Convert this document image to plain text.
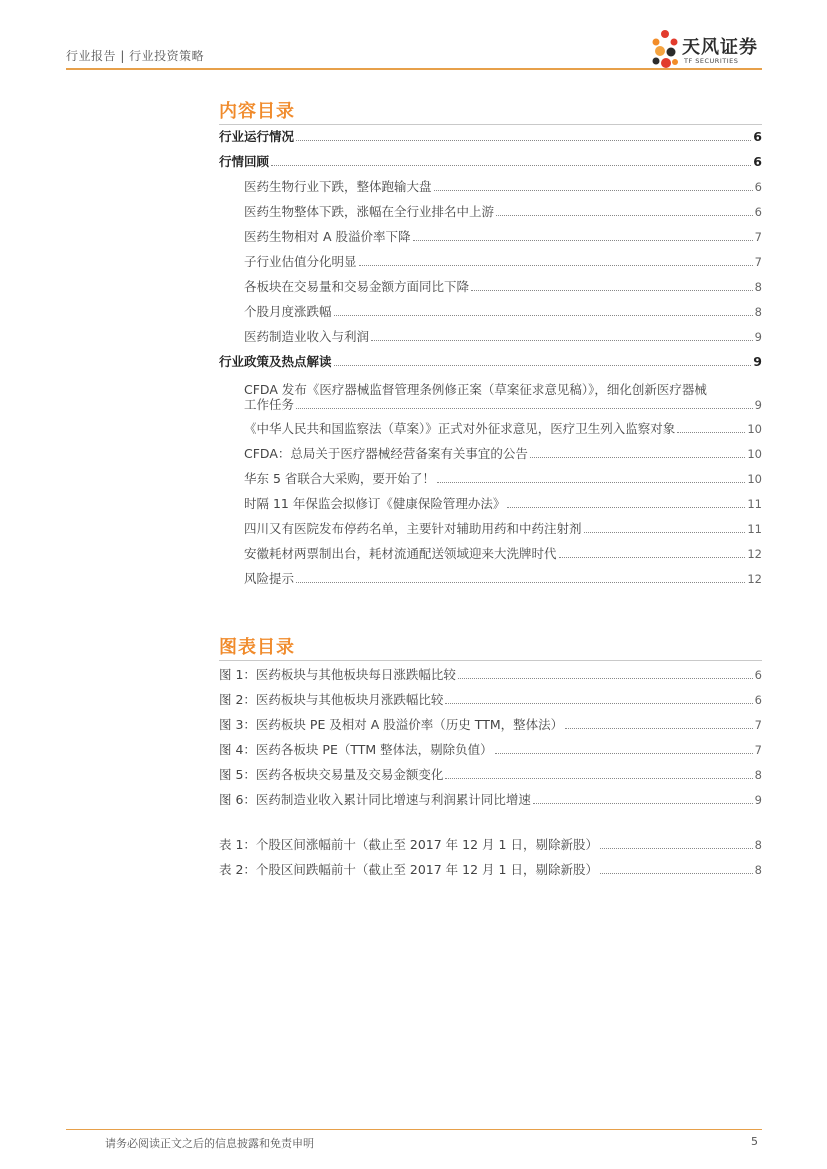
行业报告 | 行业投资策略	天风证券
TF SECURITIES
内容目录
行业运行情况	6
行情回顾	6
医药生物行业下跌，整体跑输大盘	6
医药生物整体下跌，涨幅在全行业排名中上游	6
医药生物相对 A 股溢价率下降	7
子行业估值分化明显	7
各板块在交易量和交易金额方面同比下降	8
个股月度涨跌幅	8
医药制造业收入与利润	9
行业政策及热点解读	9
CFDA 发布《医疗器械监督管理条例修正案（草案征求意见稿）》，细化创新医疗器械
工作任务	9
《中华人民共和国监察法（草案）》正式对外征求意见，医疗卫生列入监察对象	10
CFDA：总局关于医疗器械经营备案有关事宜的公告	10
华东 5 省联合大采购，要开始了！	10
时隔 11 年保监会拟修订《健康保险管理办法》	11
四川又有医院发布停药名单，主要针对辅助用药和中药注射剂	11
安徽耗材两票制出台，耗材流通配送领域迎来大洗牌时代	12
风险提示	12
图表目录
图 1：医药板块与其他板块每日涨跌幅比较	6
图 2：医药板块与其他板块月涨跌幅比较	6
图 3：医药板块 PE 及相对 A 股溢价率（历史 TTM，整体法）	7
图 4：医药各板块 PE（TTM 整体法，剔除负值）	7
图 5：医药各板块交易量及交易金额变化	8
图 6：医药制造业收入累计同比增速与利润累计同比增速	9
表 1：个股区间涨幅前十（截止至 2017 年 12 月 1 日，剔除新股）	8
表 2：个股区间跌幅前十（截止至 2017 年 12 月 1 日，剔除新股）	8
请务必阅读正文之后的信息披露和免责申明	5
